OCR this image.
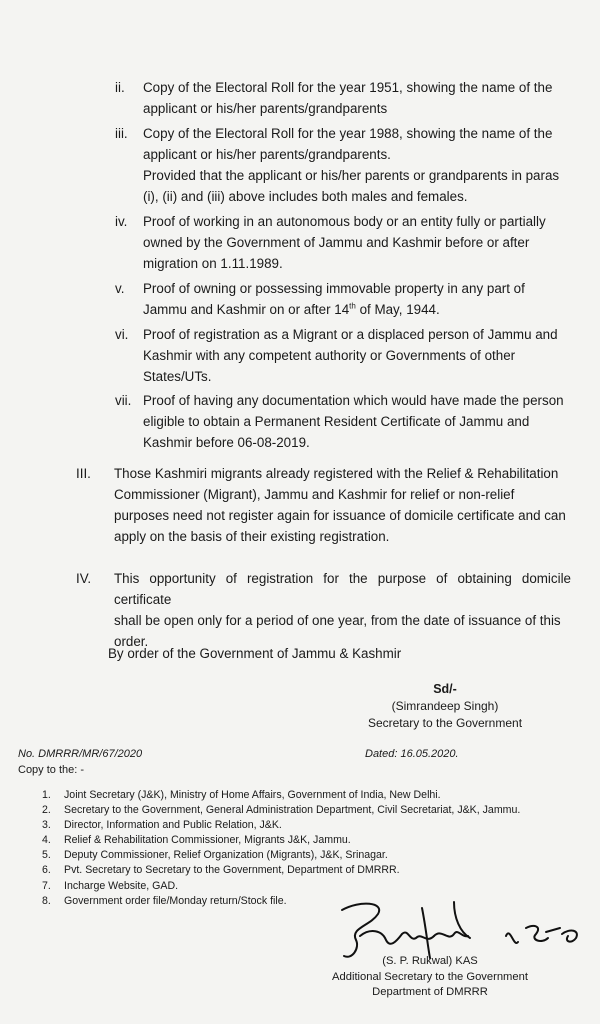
ii. Copy of the Electoral Roll for the year 1951, showing the name of the
applicant or his/her parents/grandparents
iii. Copy of the Electoral Roll for the year 1988, showing the name of the
applicant or his/her parents/grandparents.
Provided that the applicant or his/her parents or grandparents in paras
(i), (ii) and (iii) above includes both males and females.
iv. Proof of working in an autonomous body or an entity fully or partially
owned by the Government of Jammu and Kashmir before or after
migration on 1.11.1989.
v. Proof of owning or possessing immovable property in any part of
Jammu and Kashmir on or after 14th of May, 1944.
vi. Proof of registration as a Migrant or a displaced person of Jammu and
Kashmir with any competent authority or Governments of other
States/UTs.
vii. Proof of having any documentation which would have made the person
eligible to obtain a Permanent Resident Certificate of Jammu and
Kashmir before 06-08-2019.
III. Those Kashmiri migrants already registered with the Relief & Rehabilitation
Commissioner (Migrant), Jammu and Kashmir for relief or non-relief
purposes need not register again for issuance of domicile certificate and can
apply on the basis of their existing registration.
IV. This opportunity of registration for the purpose of obtaining domicile certificate
shall be open only for a period of one year, from the date of issuance of this
order.
By order of the Government of Jammu & Kashmir
Sd/-
(Simrandeep Singh)
Secretary to the Government
No. DMRRR/MR/67/2020	Dated: 16.05.2020.
Copy to the: -
1.	Joint Secretary (J&K), Ministry of Home Affairs, Government of India, New Delhi.
2.	Secretary to the Government, General Administration Department, Civil Secretariat, J&K, Jammu.
3.	Director, Information and Public Relation, J&K.
4.	Relief & Rehabilitation Commissioner, Migrants J&K, Jammu.
5.	Deputy Commissioner, Relief Organization (Migrants), J&K, Srinagar.
6.	Pvt. Secretary to Secretary to the Government, Department of DMRRR.
7.	Incharge Website, GAD.
8.	Government order file/Monday return/Stock file.
(S. P. Rukwal) KAS
Additional Secretary to the Government
Department of DMRRR
